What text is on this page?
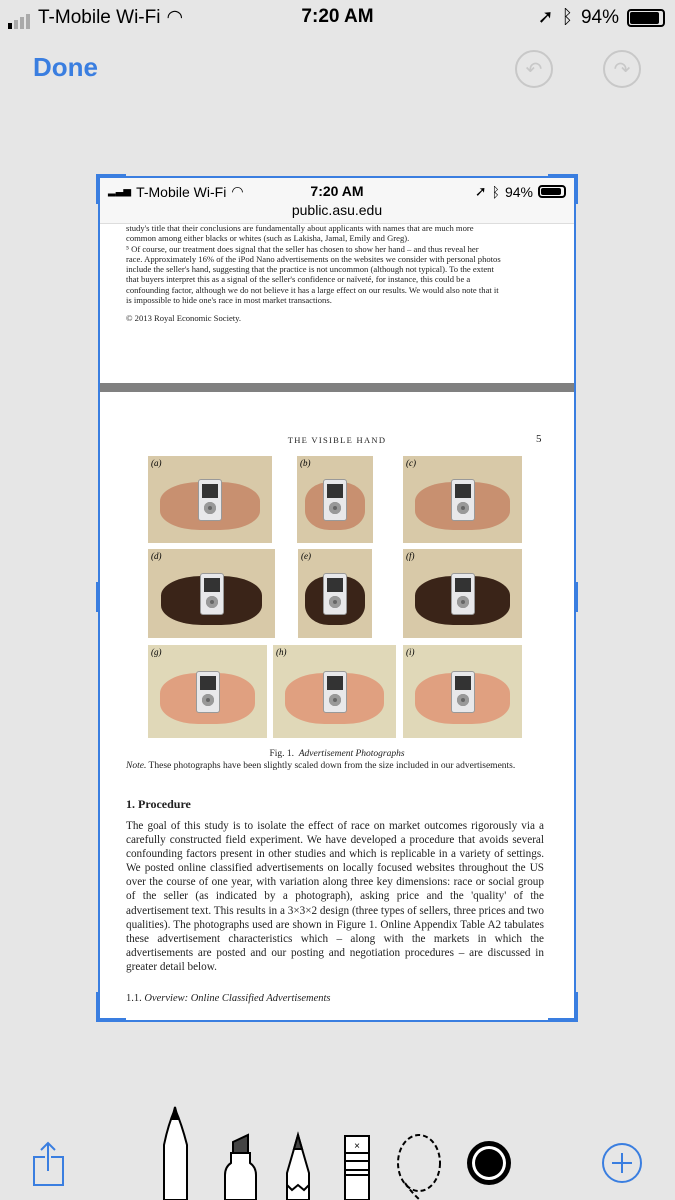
T-Mobile Wi-Fi ◠	7:20 AM	➚ ᛒ 94%
Done	↶	↷
▂▃▅ T-Mobile Wi-Fi ◠	7:20 AM	➚ ᛒ 94%
public.asu.edu
study's title that their conclusions are fundamentally about applicants with names that are much more
common among either blacks or whites (such as Lakisha, Jamal, Emily and Greg).
⁵ Of course, our treatment does signal that the seller has chosen to show her hand – and thus reveal her
race. Approximately 16% of the iPod Nano advertisements on the websites we consider with personal photos
include the seller's hand, suggesting that the practice is not uncommon (although not typical). To the extent
that buyers interpret this as a signal of the seller's confidence or naïveté, for instance, this could be a
confounding factor, although we do not believe it has a large effect on our results. We would also note that it
is impossible to hide one's race in most market transactions.
© 2013 Royal Economic Society.
THE VISIBLE HAND	5
(a)	(b)	(c)
(d)	(e)	(f)
(g)	(h)	(i)
Fig. 1. Advertisement Photographs
Note. These photographs have been slightly scaled down from the size included in our advertisements.
1. Procedure
The goal of this study is to isolate the effect of race on market outcomes rigorously via a carefully constructed field experiment. We have developed a procedure that avoids several confounding factors present in other studies and which is replicable in a variety of settings. We posted online classified advertisements on locally focused websites throughout the US over the course of one year, with variation along three key dimensions: race or social group of the seller (as indicated by a photograph), asking price and the 'quality' of the advertisement text. This results in a 3×3×2 design (three types of sellers, three prices and two qualities). The photographs used are shown in Figure 1. Online Appendix Table A2 tabulates these advertisement characteristics which – along with the markets in which the advertisements are posted and our posting and negotiation procedures – are discussed in greater detail below.
1.1. Overview: Online Classified Advertisements
×
